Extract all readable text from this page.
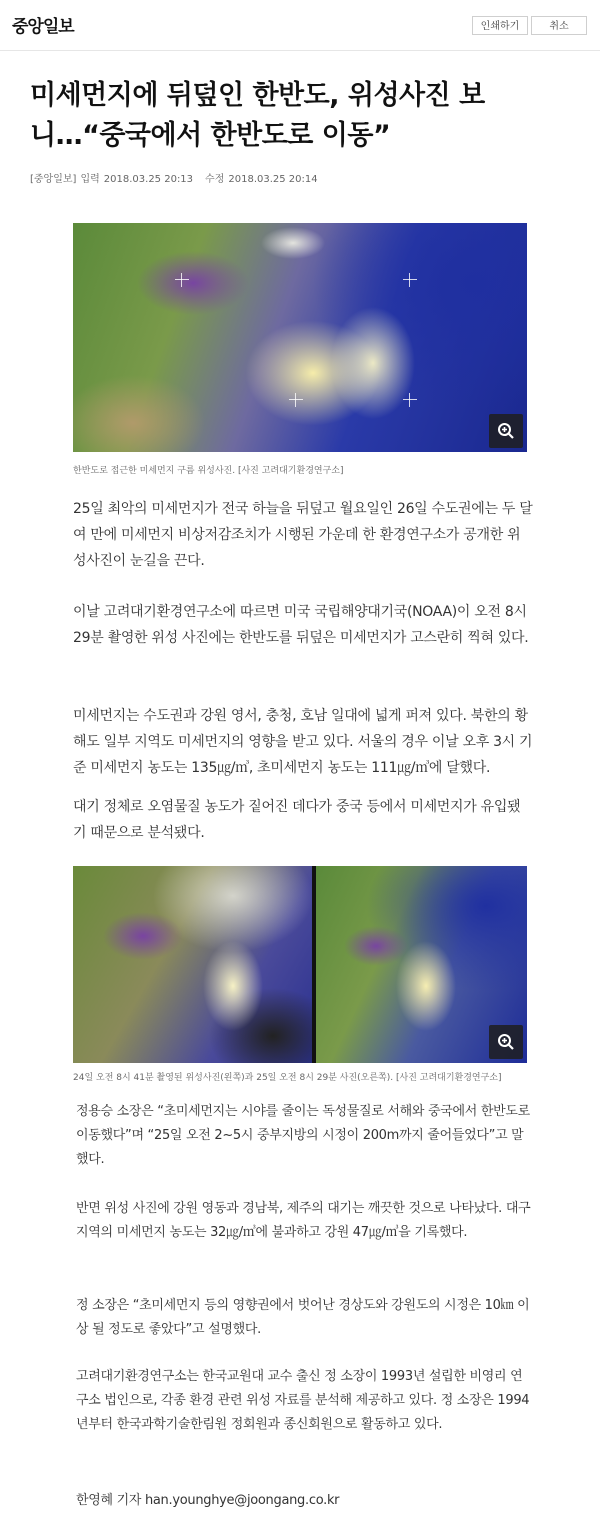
중앙일보	인쇄하기	취소
미세먼지에 뒤덮인 한반도, 위성사진 보니…“중국에서 한반도로 이동”
[중앙일보] 입력 2018.03.25 20:13 수정 2018.03.25 20:14
한반도로 접근한 미세먼지 구름 위성사진. [사진 고려대기환경연구소]

25일 최악의 미세먼지가 전국 하늘을 뒤덮고 월요일인 26일 수도권에는 두 달여 만에 미세먼지 비상저감조치가 시행된 가운데 한 환경연구소가 공개한 위성사진이 눈길을 끈다.

이날 고려대기환경연구소에 따르면 미국 국립해양대기국(NOAA)이 오전 8시 29분 촬영한 위성 사진에는 한반도를 뒤덮은 미세먼지가 고스란히 찍혀 있다.

미세먼지는 수도권과 강원 영서, 충청, 호남 일대에 넓게 퍼져 있다. 북한의 황해도 일부 지역도 미세먼지의 영향을 받고 있다. 서울의 경우 이날 오후 3시 기준 미세먼지 농도는 135㎍/㎥, 초미세먼지 농도는 111㎍/㎥에 달했다.

대기 정체로 오염물질 농도가 짙어진 데다가 중국 등에서 미세먼지가 유입됐기 때문으로 분석됐다.

24일 오전 8시 41분 촬영된 위성사진(왼쪽)과 25일 오전 8시 29분 사진(오른쪽). [사진 고려대기환경연구소]

정용승 소장은 “초미세먼지는 시야를 줄이는 독성물질로 서해와 중국에서 한반도로 이동했다”며 “25일 오전 2~5시 중부지방의 시정이 200m까지 줄어들었다”고 말했다.

반면 위성 사진에 강원 영동과 경남북, 제주의 대기는 깨끗한 것으로 나타났다. 대구 지역의 미세먼지 농도는 32㎍/㎥에 불과하고 강원 47㎍/㎥을 기록했다.

정 소장은 “초미세먼지 등의 영향권에서 벗어난 경상도와 강원도의 시정은 10㎞ 이상 될 정도로 좋았다”고 설명했다.

고려대기환경연구소는 한국교원대 교수 출신 정 소장이 1993년 설립한 비영리 연구소 법인으로, 각종 환경 관련 위성 자료를 분석해 제공하고 있다. 정 소장은 1994년부터 한국과학기술한림원 정회원과 종신회원으로 활동하고 있다.

한영혜 기자 han.younghye@joongang.co.kr
